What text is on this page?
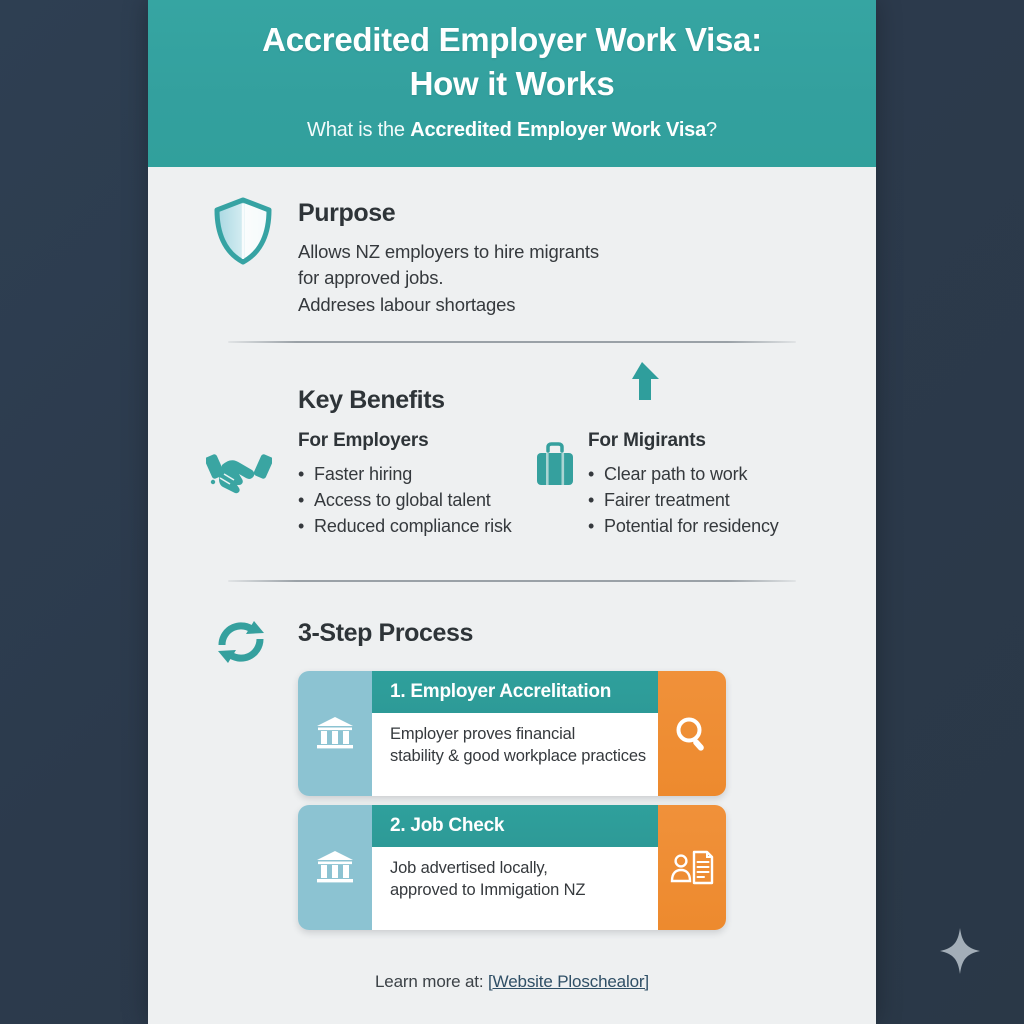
Accredited Employer Work Visa:
How it Works
What is the Accredited Employer Work Visa?
Purpose
Allows NZ employers to hire migrants
for approved jobs.
Addreses labour shortages
Key Benefits
For Employers
• Faster hiring
• Access to global talent
• Reduced compliance risk
For Migirants
• Clear path to work
• Fairer treatment
• Potential for residency
3-Step Process
1. Employer Accrelitation
Employer proves financial
stability & good workplace practices
2. Job Check
Job advertised locally,
approved to Immigation NZ
Learn more at: [Website Ploschealor]
